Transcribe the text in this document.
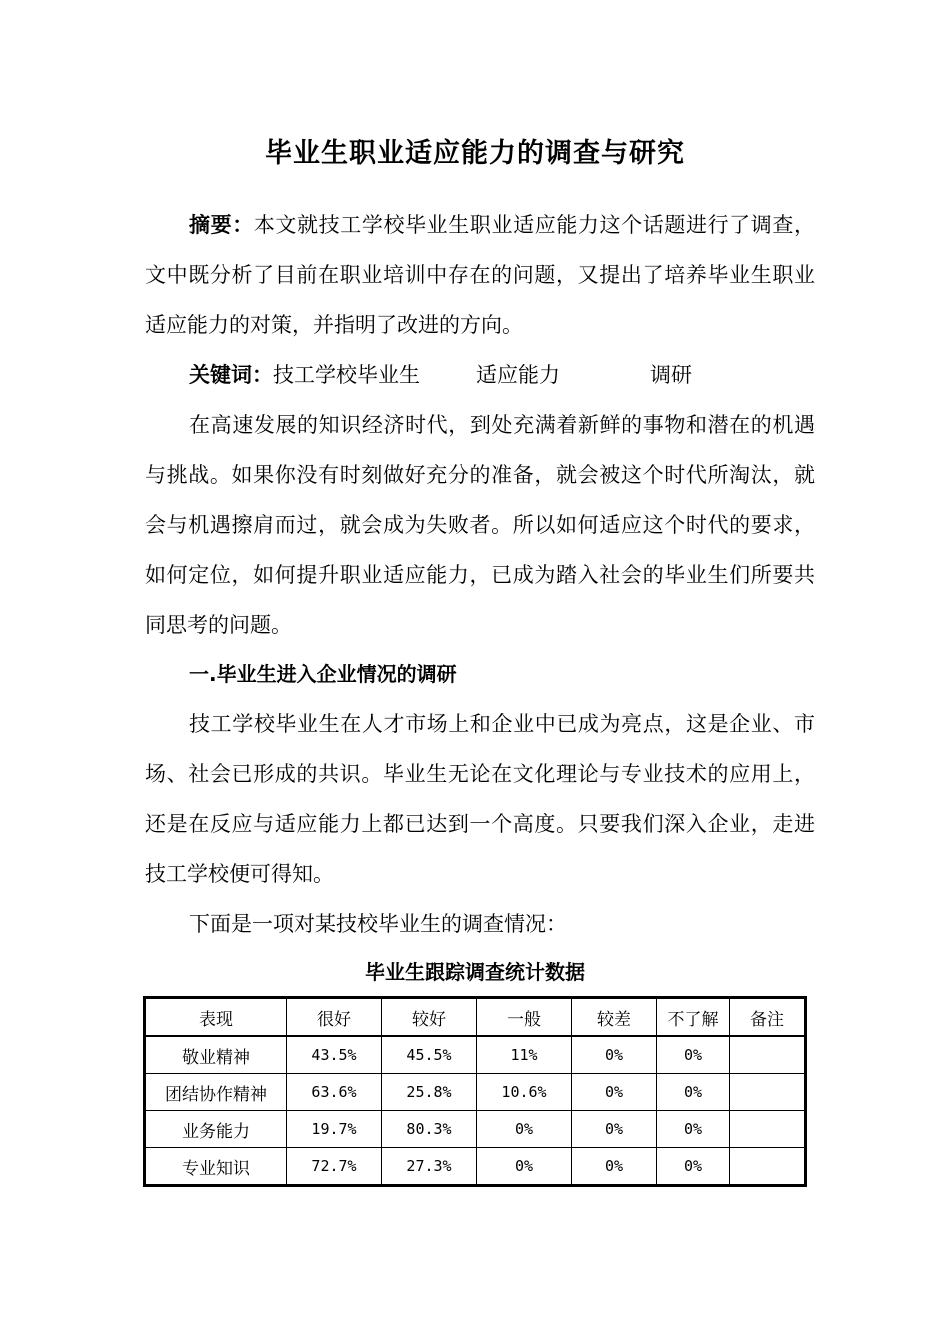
毕业生职业适应能力的调查与研究

摘要：本文就技工学校毕业生职业适应能力这个话题进行了调查，文中既分析了目前在职业培训中存在的问题，又提出了培养毕业生职业适应能力的对策，并指明了改进的方向。

关键词：技工学校毕业生	适应能力	调研

在高速发展的知识经济时代，到处充满着新鲜的事物和潜在的机遇与挑战。如果你没有时刻做好充分的准备，就会被这个时代所淘汰，就会与机遇擦肩而过，就会成为失败者。所以如何适应这个时代的要求，如何定位，如何提升职业适应能力，已成为踏入社会的毕业生们所要共同思考的问题。

一.毕业生进入企业情况的调研

技工学校毕业生在人才市场上和企业中已成为亮点，这是企业、市场、社会已形成的共识。毕业生无论在文化理论与专业技术的应用上，还是在反应与适应能力上都已达到一个高度。只要我们深入企业，走进技工学校便可得知。

下面是一项对某技校毕业生的调查情况：

毕业生跟踪调查统计数据
表现	很好	较好	一般	较差	不了解	备注
敬业精神	43.5%	45.5%	11%	0%	0%	
团结协作精神	63.6%	25.8%	10.6%	0%	0%	
业务能力	19.7%	80.3%	0%	0%	0%	
专业知识	72.7%	27.3%	0%	0%	0%	
